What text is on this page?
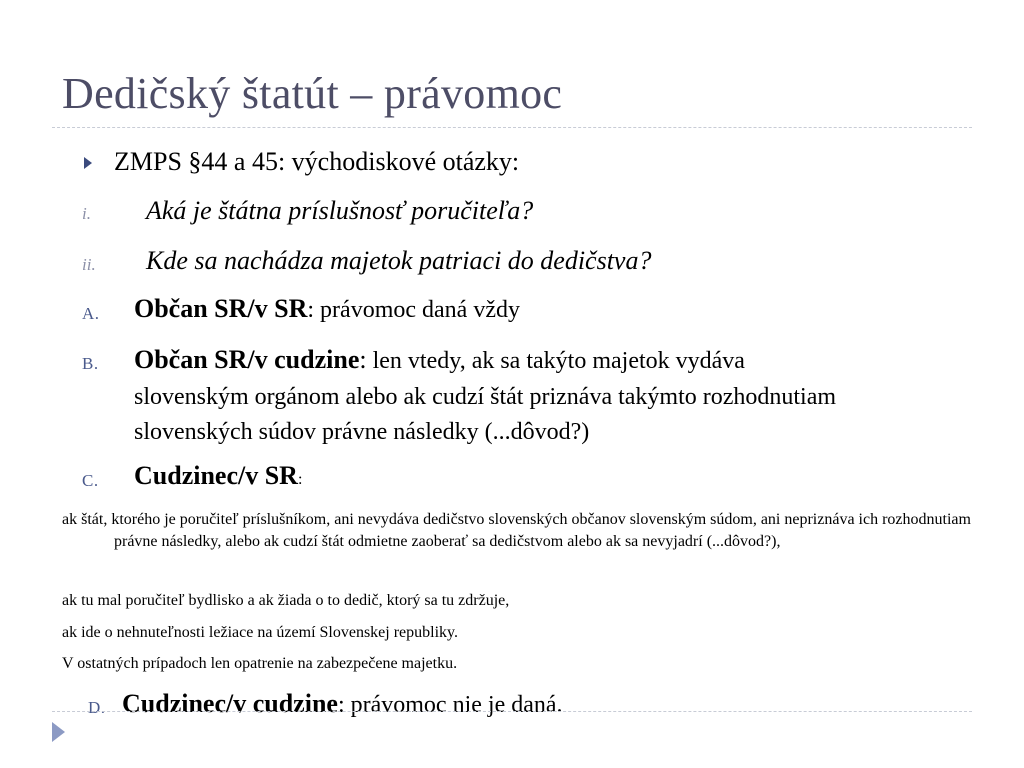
Dedičský štatút – právomoc
ZMPS §44 a 45: východiskové otázky:
i. Aká je štátna príslušnosť poručiteľa?
ii. Kde sa nachádza majetok patriaci do dedičstva?
A. Občan SR/v SR: právomoc daná vždy
B. Občan SR/v cudzine: len vtedy, ak sa takýto majetok vydáva
slovenským orgánom alebo ak cudzí štát priznáva takýmto rozhodnutiam
slovenských súdov právne následky (...dôvod?)
C. Cudzinec/v SR:
ak štát, ktorého je poručiteľ príslušníkom, ani nevydáva dedičstvo slovenských občanov slovenským súdom, ani nepriznáva ich rozhodnutiam právne následky, alebo ak cudzí štát odmietne zaoberať sa dedičstvom alebo ak sa nevyjadrí (...dôvod?),
ak tu mal poručiteľ bydlisko a ak žiada o to dedič, ktorý sa tu zdržuje,
ak ide o nehnuteľnosti ležiace na území Slovenskej republiky.
V ostatných prípadoch len opatrenie na zabezpečene majetku.
D. Cudzinec/v cudzine: právomoc nie je daná.
